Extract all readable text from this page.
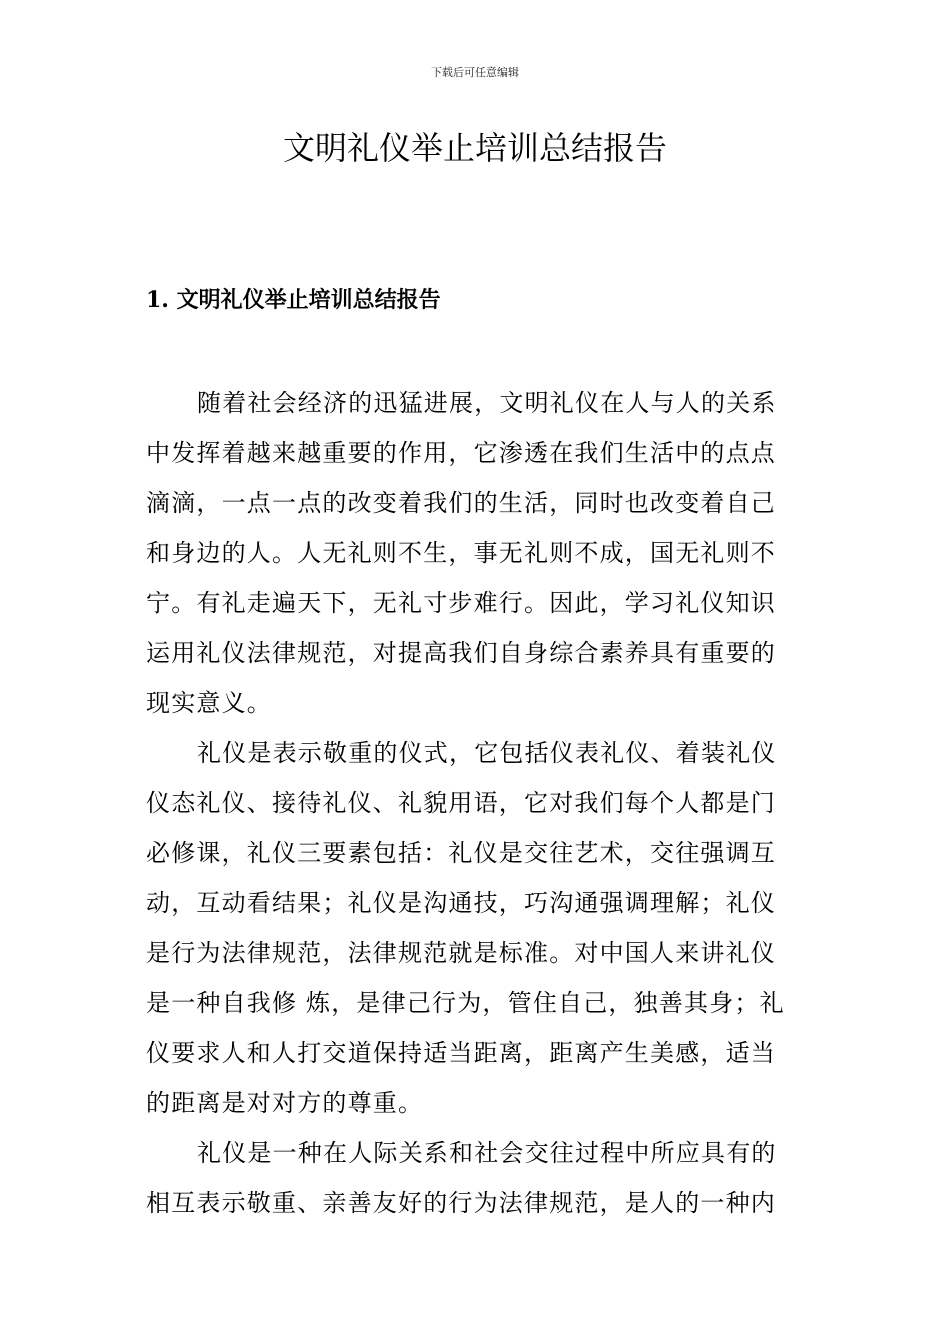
下载后可任意编辑
文明礼仪举止培训总结报告
1. 文明礼仪举止培训总结报告

随着社会经济的迅猛进展，文明礼仪在人与人的关系
中发挥着越来越重要的作用，它渗透在我们生活中的点点
滴滴，一点一点的改变着我们的生活，同时也改变着自己
和身边的人。人无礼则不生，事无礼则不成，国无礼则不
宁。有礼走遍天下，无礼寸步难行。因此，学习礼仪知识
运用礼仪法律规范，对提高我们自身综合素养具有重要的
现实意义。

礼仪是表示敬重的仪式，它包括仪表礼仪、着装礼仪
仪态礼仪、接待礼仪、礼貌用语，它对我们每个人都是门
必修课，礼仪三要素包括：礼仪是交往艺术，交往强调互
动，互动看结果；礼仪是沟通技，巧沟通强调理解；礼仪
是行为法律规范，法律规范就是标准。对中国人来讲礼仪
是一种自我修 炼，是律己行为，管住自己，独善其身；礼
仪要求人和人打交道保持适当距离，距离产生美感，适当
的距离是对对方的尊重。

礼仪是一种在人际关系和社会交往过程中所应具有的
相互表示敬重、亲善友好的行为法律规范，是人的一种内
